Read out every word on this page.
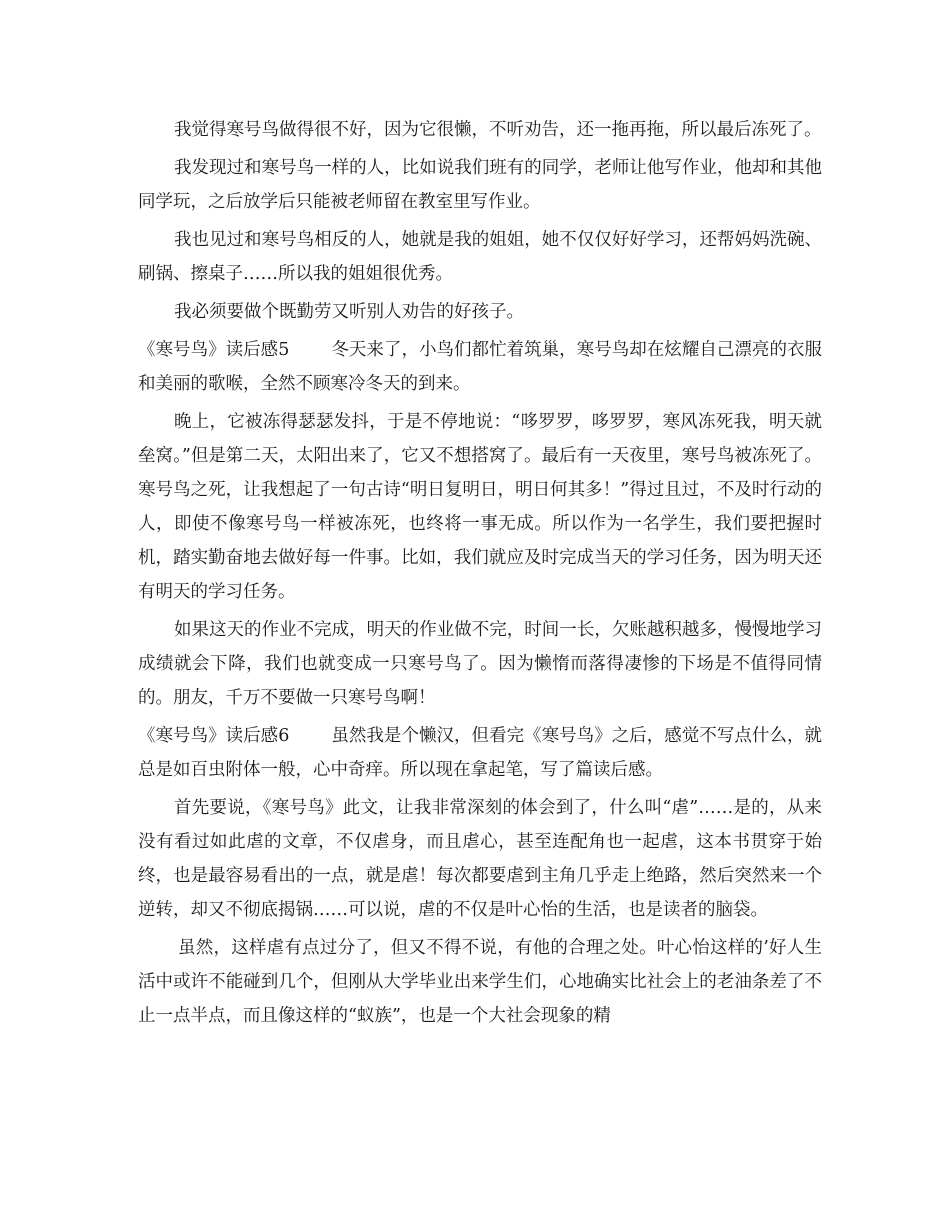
我觉得寒号鸟做得很不好，因为它很懒，不听劝告，还一拖再拖，所以最后冻死了。

我发现过和寒号鸟一样的人，比如说我们班有的同学，老师让他写作业，他却和其他同学玩，之后放学后只能被老师留在教室里写作业。

我也见过和寒号鸟相反的人，她就是我的姐姐，她不仅仅好好学习，还帮妈妈洗碗、刷锅、擦桌子……所以我的姐姐很优秀。

我必须要做个既勤劳又听别人劝告的好孩子。

《寒号鸟》读后感5 冬天来了，小鸟们都忙着筑巢，寒号鸟却在炫耀自己漂亮的衣服和美丽的歌喉，全然不顾寒冷冬天的到来。

晚上，它被冻得瑟瑟发抖，于是不停地说：“哆罗罗，哆罗罗，寒风冻死我，明天就垒窝。”但是第二天，太阳出来了，它又不想搭窝了。最后有一天夜里，寒号鸟被冻死了。寒号鸟之死，让我想起了一句古诗“明日复明日，明日何其多！”得过且过，不及时行动的人，即使不像寒号鸟一样被冻死，也终将一事无成。所以作为一名学生，我们要把握时机，踏实勤奋地去做好每一件事。比如，我们就应及时完成当天的学习任务，因为明天还有明天的学习任务。

如果这天的作业不完成，明天的作业做不完，时间一长，欠账越积越多，慢慢地学习成绩就会下降，我们也就变成一只寒号鸟了。因为懒惰而落得凄惨的下场是不值得同情的。朋友，千万不要做一只寒号鸟啊！

《寒号鸟》读后感6 虽然我是个懒汉，但看完《寒号鸟》之后，感觉不写点什么，就总是如百虫附体一般，心中奇痒。所以现在拿起笔，写了篇读后感。

首先要说，《寒号鸟》此文，让我非常深刻的体会到了，什么叫“虐”……是的，从来没有看过如此虐的文章，不仅虐身，而且虐心，甚至连配角也一起虐，这本书贯穿于始终，也是最容易看出的一点，就是虐！每次都要虐到主角几乎走上绝路，然后突然来一个逆转，却又不彻底揭锅……可以说，虐的不仅是叶心怡的生活，也是读者的脑袋。

虽然，这样虐有点过分了，但又不得不说，有他的合理之处。叶心怡这样的’好人生活中或许不能碰到几个，但刚从大学毕业出来学生们，心地确实比社会上的老油条差了不止一点半点，而且像这样的“蚁族”，也是一个大社会现象的精
